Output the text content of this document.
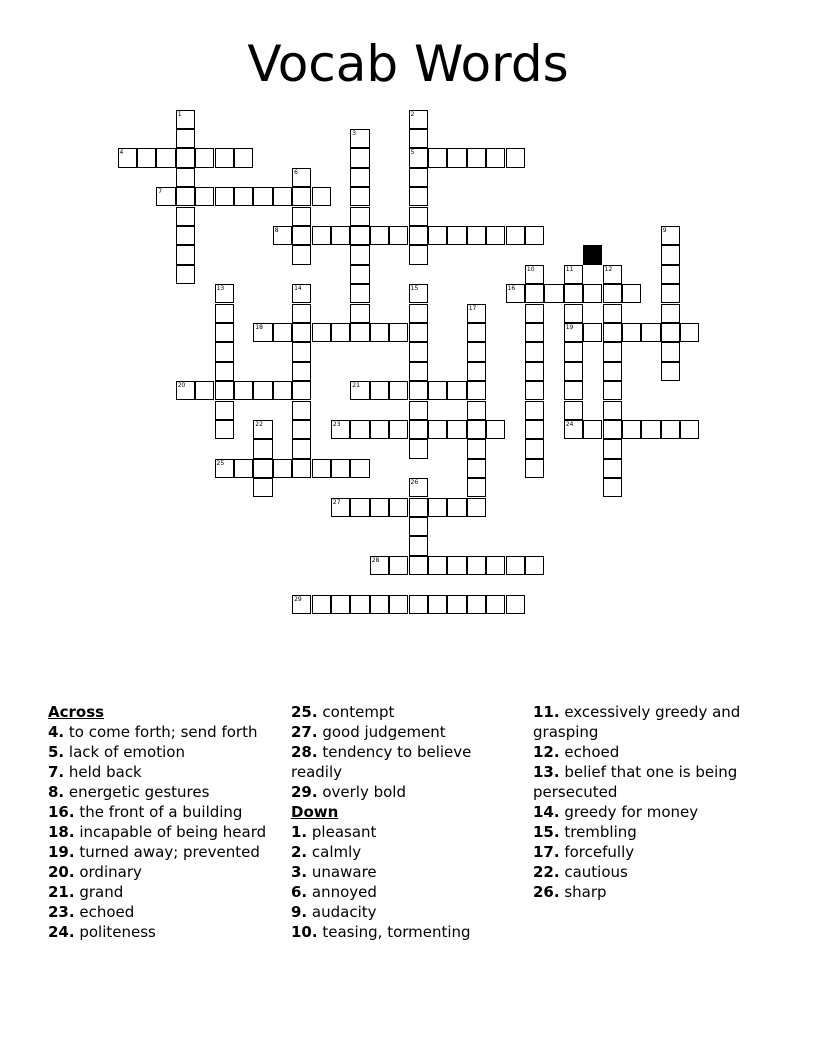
Vocab Words
1	2
5
3
4
6
7
8	9
10	11
19
12
13	14	15	16
17
18
20	21
22	23	24
25
26
27
28
29
Across
4. to come forth; send forth
5. lack of emotion
7. held back
8. energetic gestures
16. the front of a building
18. incapable of being heard
19. turned away; prevented
20. ordinary
21. grand
23. echoed
24. politeness
25. contempt
27. good judgement
28. tendency to believe readily
29. overly bold
Down
1. pleasant
2. calmly
3. unaware
6. annoyed
9. audacity
10. teasing, tormenting
11. excessively greedy and grasping
12. echoed
13. belief that one is being persecuted
14. greedy for money
15. trembling
17. forcefully
22. cautious
26. sharp
